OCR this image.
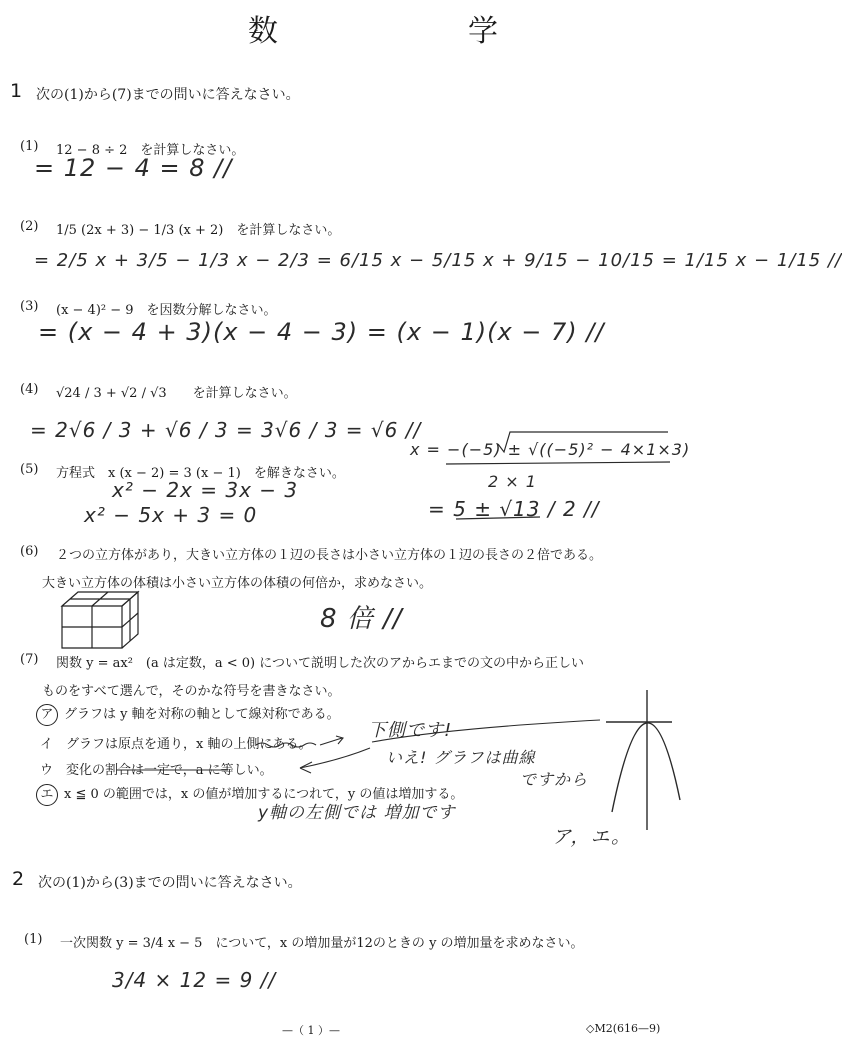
数　学
1 次の(1)から(7)までの問いに答えなさい。
(1) 12 − 8 ÷ 2　を計算しなさい。
= 12 − 4 = 8 //
(2) 1/5 (2x + 3) − 1/3 (x + 2)　を計算しなさい。
= 2/5 x + 3/5 − 1/3 x − 2/3 = 6/15 x − 5/15 x + 9/15 − 10/15 = 1/15 x − 1/15 //
(3) (x − 4)² − 9　を因数分解しなさい。
= (x − 4 + 3)(x − 4 − 3) = (x − 1)(x − 7) //
(4) √24 / 3 + √2 / √3　　を計算しなさい。
= 2√6 / 3 + √6 / 3 = 3√6 / 3 = √6 //
(5) 方程式　x (x − 2) = 3 (x − 1)　を解きなさい。
x² − 2x = 3x − 3
x² − 5x + 3 = 0
x = −(−5) ± √((−5)² − 4×1×3)
2 × 1
= 5 ± √13 / 2 //
(6) ２つの立方体があり，大きい立方体の１辺の長さは小さい立方体の１辺の長さの２倍である。
大きい立方体の体積は小さい立方体の体積の何倍か，求めなさい。
8 倍 //
(7) 関数 y = ax²　(a は定数，a < 0) について説明した次のアからエまでの文の中から正しい
ものをすべて選んで，そのかな符号を書きなさい。
ア グラフは y 軸を対称の軸として線対称である。
イ グラフは原点を通り，x 軸の上側にある。
ウ 変化の割合は一定で，a に等しい。
エ x ≦ 0 の範囲では，x の値が増加するにつれて，y の値は増加する。
下側です!
いえ! グラフは曲線
ですから
y軸の左側では 増加です
ア，エ。
2 次の(1)から(3)までの問いに答えなさい。
(1) 一次関数 y = 3/4 x − 5　について，x の増加量が12のときの y の増加量を求めなさい。
3/4 × 12 = 9 //
—（ 1 ）—	◇M2(616—9)
